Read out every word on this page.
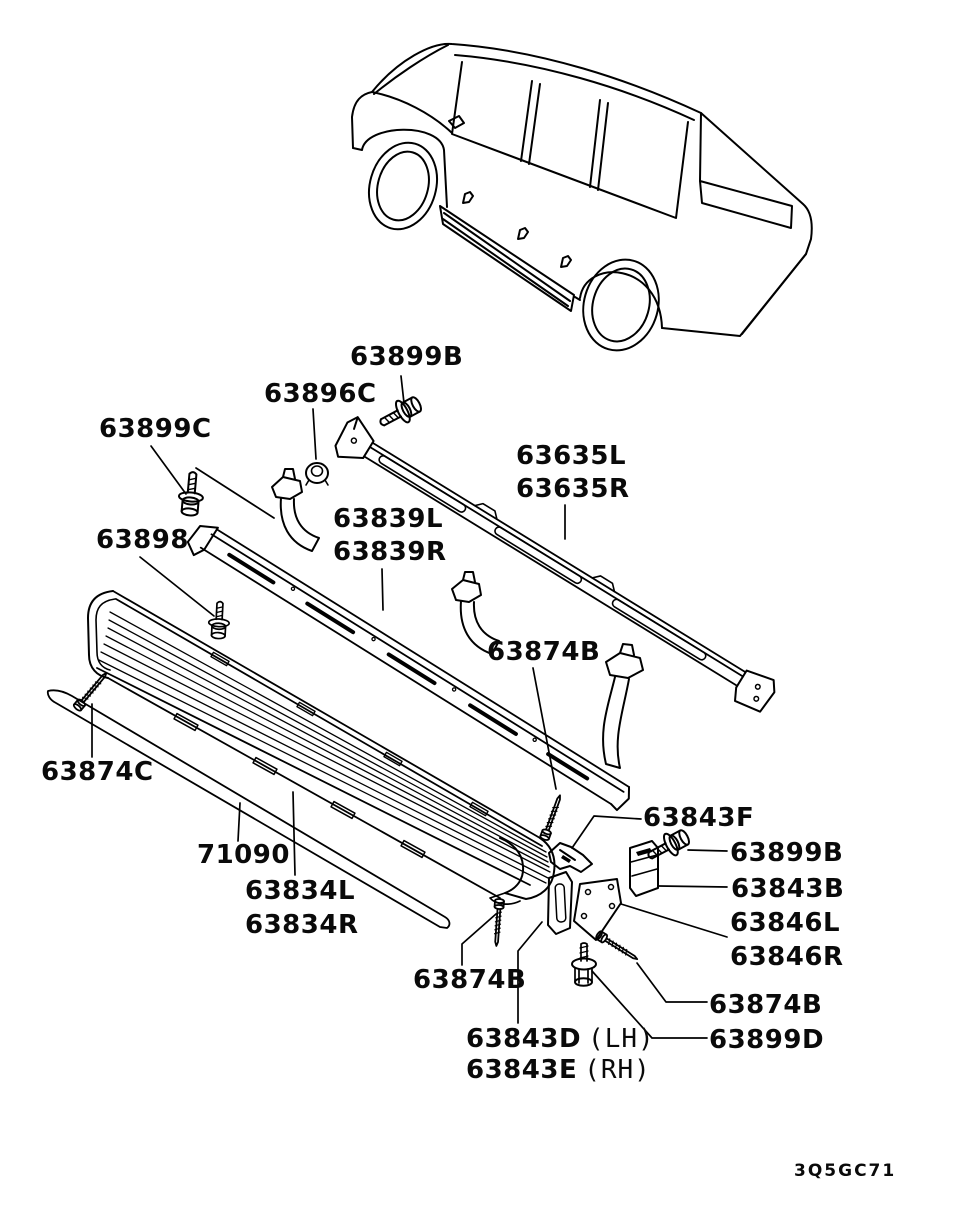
63899B
63896C
63899C
63898
63839L
63839R
63635L
63635R
63874B
63874C
71090
63834L
63834R
63843F
63899B
63843B
63846L
63846R
63874B
63874B
63899D
63843D (LH)
63843E (RH)
3Q5GC71
